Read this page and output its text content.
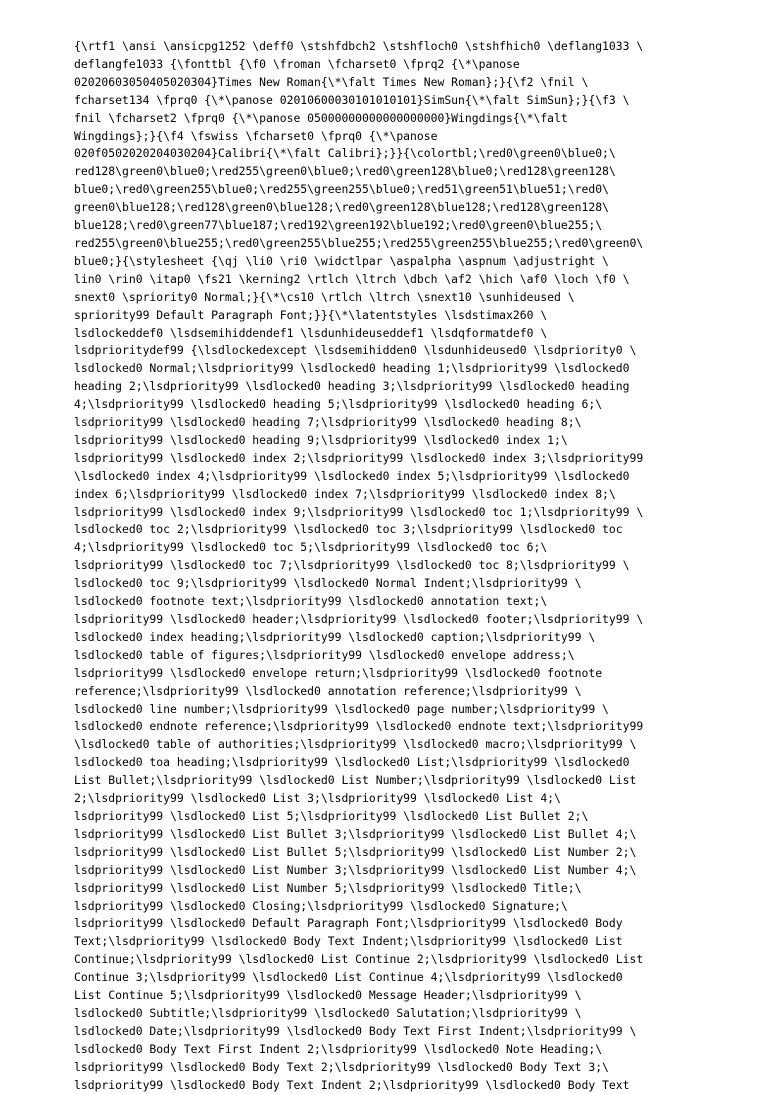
{\rtf1 \ansi \ansicpg1252 \deff0 \stshfdbch2 \stshfloch0 \stshfhich0 \deflang1033 \
deflangfe1033 {\fonttbl {\f0 \froman \fcharset0 \fprq2 {\*\panose
02020603050405020304}Times New Roman{\*\falt Times New Roman};}{\f2 \fnil \
fcharset134 \fprq0 {\*\panose 02010600030101010101}SimSun{\*\falt SimSun};}{\f3 \
fnil \fcharset2 \fprq0 {\*\panose 05000000000000000000}Wingdings{\*\falt
Wingdings};}{\f4 \fswiss \fcharset0 \fprq0 {\*\panose
020f0502020204030204}Calibri{\*\falt Calibri};}}{\colortbl;\red0\green0\blue0;\
red128\green0\blue0;\red255\green0\blue0;\red0\green128\blue0;\red128\green128\
blue0;\red0\green255\blue0;\red255\green255\blue0;\red51\green51\blue51;\red0\
green0\blue128;\red128\green0\blue128;\red0\green128\blue128;\red128\green128\
blue128;\red0\green77\blue187;\red192\green192\blue192;\red0\green0\blue255;\
red255\green0\blue255;\red0\green255\blue255;\red255\green255\blue255;\red0\green0\
blue0;}{\stylesheet {\qj \li0 \ri0 \widctlpar \aspalpha \aspnum \adjustright \
lin0 \rin0 \itap0 \fs21 \kerning2 \rtlch \ltrch \dbch \af2 \hich \af0 \loch \f0 \
snext0 \spriority0 Normal;}{\*\cs10 \rtlch \ltrch \snext10 \sunhideused \
spriority99 Default Paragraph Font;}}{\*\latentstyles \lsdstimax260 \
lsdlockeddef0 \lsdsemihiddendef1 \lsdunhideuseddef1 \lsdqformatdef0 \
lsdprioritydef99 {\lsdlockedexcept \lsdsemihidden0 \lsdunhideused0 \lsdpriority0 \
lsdlocked0 Normal;\lsdpriority99 \lsdlocked0 heading 1;\lsdpriority99 \lsdlocked0
heading 2;\lsdpriority99 \lsdlocked0 heading 3;\lsdpriority99 \lsdlocked0 heading
4;\lsdpriority99 \lsdlocked0 heading 5;\lsdpriority99 \lsdlocked0 heading 6;\
lsdpriority99 \lsdlocked0 heading 7;\lsdpriority99 \lsdlocked0 heading 8;\
lsdpriority99 \lsdlocked0 heading 9;\lsdpriority99 \lsdlocked0 index 1;\
lsdpriority99 \lsdlocked0 index 2;\lsdpriority99 \lsdlocked0 index 3;\lsdpriority99
\lsdlocked0 index 4;\lsdpriority99 \lsdlocked0 index 5;\lsdpriority99 \lsdlocked0
index 6;\lsdpriority99 \lsdlocked0 index 7;\lsdpriority99 \lsdlocked0 index 8;\
lsdpriority99 \lsdlocked0 index 9;\lsdpriority99 \lsdlocked0 toc 1;\lsdpriority99 \
lsdlocked0 toc 2;\lsdpriority99 \lsdlocked0 toc 3;\lsdpriority99 \lsdlocked0 toc
4;\lsdpriority99 \lsdlocked0 toc 5;\lsdpriority99 \lsdlocked0 toc 6;\
lsdpriority99 \lsdlocked0 toc 7;\lsdpriority99 \lsdlocked0 toc 8;\lsdpriority99 \
lsdlocked0 toc 9;\lsdpriority99 \lsdlocked0 Normal Indent;\lsdpriority99 \
lsdlocked0 footnote text;\lsdpriority99 \lsdlocked0 annotation text;\
lsdpriority99 \lsdlocked0 header;\lsdpriority99 \lsdlocked0 footer;\lsdpriority99 \
lsdlocked0 index heading;\lsdpriority99 \lsdlocked0 caption;\lsdpriority99 \
lsdlocked0 table of figures;\lsdpriority99 \lsdlocked0 envelope address;\
lsdpriority99 \lsdlocked0 envelope return;\lsdpriority99 \lsdlocked0 footnote
reference;\lsdpriority99 \lsdlocked0 annotation reference;\lsdpriority99 \
lsdlocked0 line number;\lsdpriority99 \lsdlocked0 page number;\lsdpriority99 \
lsdlocked0 endnote reference;\lsdpriority99 \lsdlocked0 endnote text;\lsdpriority99
\lsdlocked0 table of authorities;\lsdpriority99 \lsdlocked0 macro;\lsdpriority99 \
lsdlocked0 toa heading;\lsdpriority99 \lsdlocked0 List;\lsdpriority99 \lsdlocked0
List Bullet;\lsdpriority99 \lsdlocked0 List Number;\lsdpriority99 \lsdlocked0 List
2;\lsdpriority99 \lsdlocked0 List 3;\lsdpriority99 \lsdlocked0 List 4;\
lsdpriority99 \lsdlocked0 List 5;\lsdpriority99 \lsdlocked0 List Bullet 2;\
lsdpriority99 \lsdlocked0 List Bullet 3;\lsdpriority99 \lsdlocked0 List Bullet 4;\
lsdpriority99 \lsdlocked0 List Bullet 5;\lsdpriority99 \lsdlocked0 List Number 2;\
lsdpriority99 \lsdlocked0 List Number 3;\lsdpriority99 \lsdlocked0 List Number 4;\
lsdpriority99 \lsdlocked0 List Number 5;\lsdpriority99 \lsdlocked0 Title;\
lsdpriority99 \lsdlocked0 Closing;\lsdpriority99 \lsdlocked0 Signature;\
lsdpriority99 \lsdlocked0 Default Paragraph Font;\lsdpriority99 \lsdlocked0 Body
Text;\lsdpriority99 \lsdlocked0 Body Text Indent;\lsdpriority99 \lsdlocked0 List
Continue;\lsdpriority99 \lsdlocked0 List Continue 2;\lsdpriority99 \lsdlocked0 List
Continue 3;\lsdpriority99 \lsdlocked0 List Continue 4;\lsdpriority99 \lsdlocked0
List Continue 5;\lsdpriority99 \lsdlocked0 Message Header;\lsdpriority99 \
lsdlocked0 Subtitle;\lsdpriority99 \lsdlocked0 Salutation;\lsdpriority99 \
lsdlocked0 Date;\lsdpriority99 \lsdlocked0 Body Text First Indent;\lsdpriority99 \
lsdlocked0 Body Text First Indent 2;\lsdpriority99 \lsdlocked0 Note Heading;\
lsdpriority99 \lsdlocked0 Body Text 2;\lsdpriority99 \lsdlocked0 Body Text 3;\
lsdpriority99 \lsdlocked0 Body Text Indent 2;\lsdpriority99 \lsdlocked0 Body Text
